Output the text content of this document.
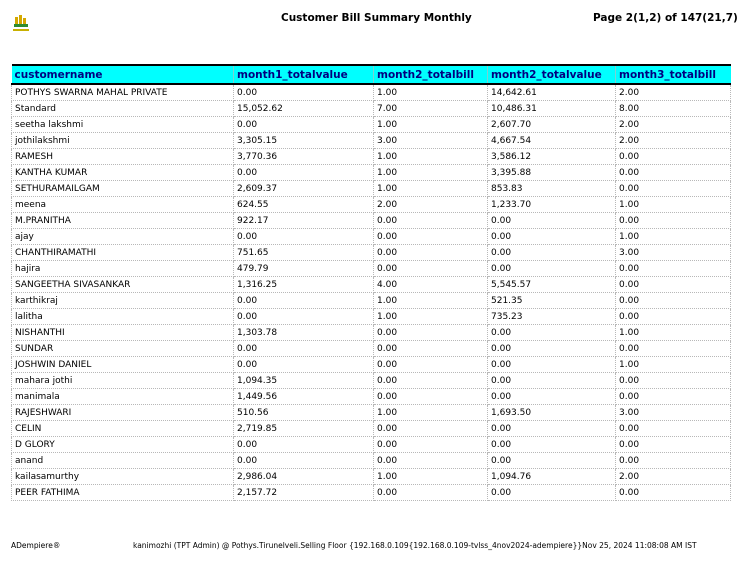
Customer Bill Summary Monthly	Page 2(1,2) of 147(21,7)
customername	month1_totalvalue	month2_totalbill	month2_totalvalue	month3_totalbill
POTHYS SWARNA MAHAL PRIVATE	0.00	1.00	14,642.61	2.00
Standard	15,052.62	7.00	10,486.31	8.00
seetha lakshmi	0.00	1.00	2,607.70	2.00
jothilakshmi	3,305.15	3.00	4,667.54	2.00
RAMESH	3,770.36	1.00	3,586.12	0.00
KANTHA KUMAR	0.00	1.00	3,395.88	0.00
SETHURAMAILGAM	2,609.37	1.00	853.83	0.00
meena	624.55	2.00	1,233.70	1.00
M.PRANITHA	922.17	0.00	0.00	0.00
ajay	0.00	0.00	0.00	1.00
CHANTHIRAMATHI	751.65	0.00	0.00	3.00
hajira	479.79	0.00	0.00	0.00
SANGEETHA SIVASANKAR	1,316.25	4.00	5,545.57	0.00
karthikraj	0.00	1.00	521.35	0.00
lalitha	0.00	1.00	735.23	0.00
NISHANTHI	1,303.78	0.00	0.00	1.00
SUNDAR	0.00	0.00	0.00	0.00
JOSHWIN DANIEL	0.00	0.00	0.00	1.00
mahara jothi	1,094.35	0.00	0.00	0.00
manimala	1,449.56	0.00	0.00	0.00
RAJESHWARI	510.56	1.00	1,693.50	3.00
CELIN	2,719.85	0.00	0.00	0.00
D GLORY	0.00	0.00	0.00	0.00
anand	0.00	0.00	0.00	0.00
kailasamurthy	2,986.04	1.00	1,094.76	2.00
PEER FATHIMA	2,157.72	0.00	0.00	0.00
ADempiere®	kanimozhi (TPT Admin) @ Pothys.Tirunelveli.Selling Floor {192.168.0.109{192.168.0.109-tvlss_4nov2024-adempiere}}Nov 25, 2024 11:08:08 AM IST
